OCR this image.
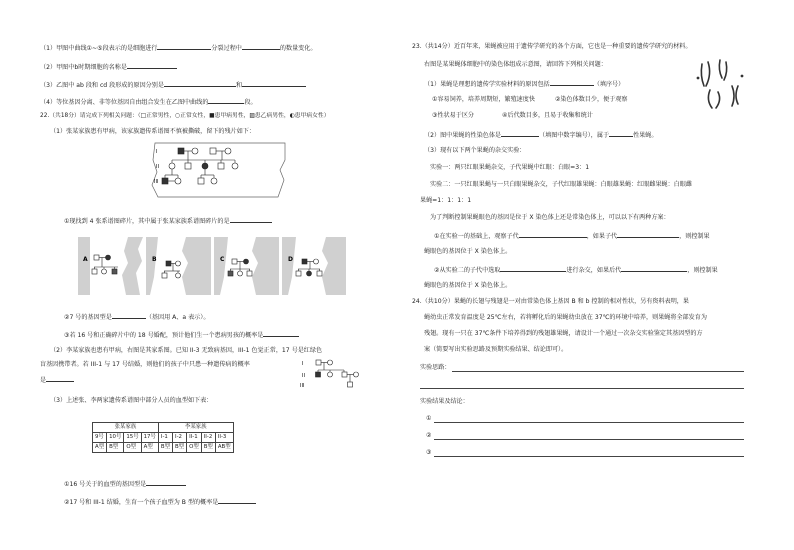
（1）甲图中曲线①~⑤段表示的是细胞进行	分裂过程中	的数量变化。
（2）甲图中b时期细胞的名称是
（3）乙图中 ab 段和 cd 段形成的原因分别是	和
（4）等位基因分离、非等位基因自由组合发生在乙图中曲线的	段。
22.（共18分）请完成下列相关问题：（□正常男性，○正常女性，■患甲病男性，▨患乙病男性，◐患甲病女性）
（1）张某家族患有甲病，该家族遗传系谱图不慎被撕破，留下的残片如下：
I
II
III
①现找到 4 张系谱图碎片，其中属于张某家族系谱图碎片的是
A	B	C	D
②7 号的基因型是	（基因用 A、a 表示）。
③若 16 号和正确碎片中的 18 号婚配，预计他们生一个患病男孩的概率是
（2）李某家族也患有甲病，右图是其家系图。已知 II-3 无致病基因，III-1 色觉正常，17 号是红绿色
盲基因携带者。若 III-1 与 17 号结婚，则他们的孩子中只患一种遗传病的概率
是
I
II
III
（3）上述张、李两家遗传系谱图中部分人员的血型如下表：
张某家族				李某家族				
9号	10号	15号	17号	I-1	I-2	II-1	II-2	II-3
A型	B型	O型	A型	B型	B型	O型	B型	AB型
①16 号关于的血型的基因型是
②17 号和 III-1 结婚，生育一个孩子血型为 B 型的概率是
23.（共14分）近百年来，果蝇被应用于遗传学研究的各个方面，它也是一种重要的遗传学研究的材料。
右图是某果蝇体细胞中的染色体组成示意图，请回答下列相关问题：
（1）果蝇是理想的遗传学实验材料的原因包括	（填序号）
①容易饲养，培养周期短，繁殖速度快	②染色体数目少，便于观察
③性状易于区分	④后代数目多，且易于收集和统计
（2）图中果蝇的性染色体是	（填图中数字编号），属于	性果蝇。
（3）现有以下两个果蝇的杂交实验：
实验一：两只红眼果蝇杂交，子代果蝇中红眼：白眼=3：1
实验二：一只红眼果蝇与一只白眼果蝇杂交，子代红眼雄果蝇：白眼雄果蝇：红眼雌果蝇：白眼雌
果蝇=1：1：1：1
为了判断控制果蝇眼色的基因是位于 X 染色体上还是常染色体上，可以以下有两种方案：
①在实验一的基础上，观察子代	，如果子代	，则控制果
蝇眼色的基因位于 X 染色体上。
②从实验二的子代中选取	进行杂交，如果后代	，则控制果
蝇眼色的基因位于 X 染色体上。
24.（共10分）果蝇的长翅与残翅是一对由常染色体上基因 B 和 b 控制的相对性状，另有资料表明，果
蝇幼虫正常发育温度是 25℃左右，若将孵化后的果蝇幼虫放在 37℃的环境中培养，则果蝇将全部发育为
残翅。现有一只在 37℃条件下培养得到的残翅雄果蝇，请设计一个通过一次杂交实验鉴定其基因型的方
案（简要写出实验思路及预期实验结果、结论即可）。
实验思路：
实验结果及结论：
①
②
③
